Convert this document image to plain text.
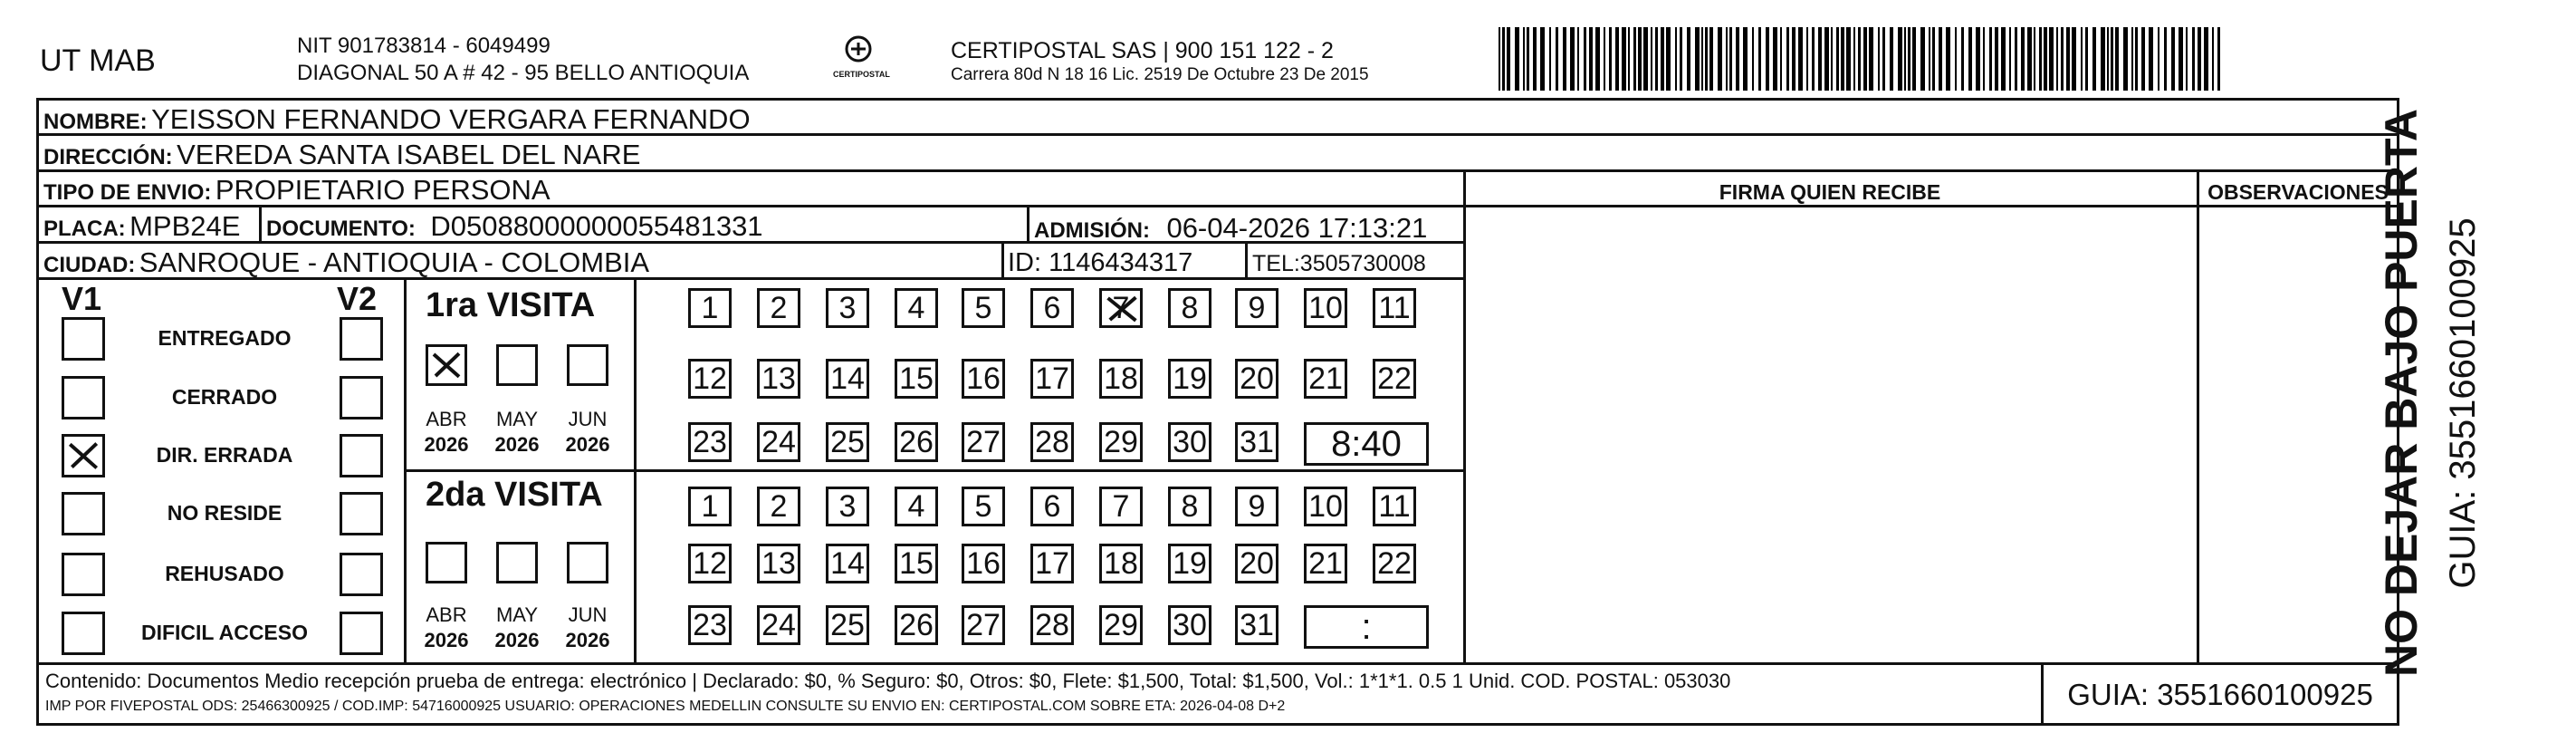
UT MAB	NIT 901783814 - 6049499
DIAGONAL 50 A # 42 - 95 BELLO ANTIOQUIA	CERTIPOSTAL
CERTIPOSTAL SAS | 900 151 122 - 2
Carrera 80d N 18 16 Lic. 2519 De Octubre 23 De 2015
NOMBRE: YEISSON FERNANDO VERGARA FERNANDO
DIRECCIÓN: VEREDA SANTA ISABEL DEL NARE
TIPO DE ENVIO: PROPIETARIO PERSONA
PLACA: MPB24E DOCUMENTO: D05088000000055481331	ADMISIÓN: 06-04-2026 17:13:21
CIUDAD: SANROQUE - ANTIOQUIA - COLOMBIA	ID: 1146434317	TEL:3505730008
FIRMA QUIEN RECIBE	OBSERVACIONES
V1	V2
ENTREGADO
CERRADO
DIR. ERRADA
NO RESIDE
REHUSADO
DIFICIL ACCESO
1ra VISITA
2da VISITA
ABR
2026
MAY
2026
JUN
2026
ABR
2026
MAY
2026
JUN
2026
1	2	3	4	5	6	7	8	9	10 11
12 13 14 15 16 17 18 19 20 21 22
23 24 25 26 27 28 29 30 31	8:40
1	2	3	4	5	6	7	8	9	10 11
12 13 14 15 16 17 18 19 20 21 22
23 24 25 26 27 28 29 30 31	:
Contenido: Documentos Medio recepción prueba de entrega: electrónico | Declarado: $0, % Seguro: $0, Otros: $0, Flete: $1,500, Total: $1,500, Vol.: 1*1*1. 0.5 1 Unid. COD. POSTAL: 053030
IMP POR FIVEPOSTAL ODS: 25466300925 / COD.IMP: 54716000925 USUARIO: OPERACIONES MEDELLIN CONSULTE SU ENVIO EN: CERTIPOSTAL.COM SOBRE ETA: 2026-04-08 D+2	GUIA: 3551660100925
NO DEJAR BAJO PUERTA GUIA: 3551660100925
